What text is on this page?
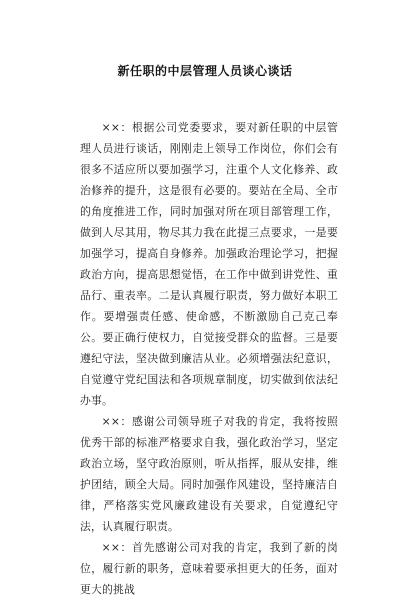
新任职的中层管理人员谈心谈话

××：根据公司党委要求，要对新任职的中层管理人员进行谈话，刚刚走上领导工作岗位，你们会有很多不适应所以要加强学习，注重个人文化修养、政治修养的提升，这是很有必要的。要站在全局、全市的角度推进工作，同时加强对所在项目部管理工作，做到人尽其用，物尽其力我在此提三点要求，一是要加强学习，提高自身修养。加强政治理论学习，把握政治方向，提高思想觉悟，在工作中做到讲党性、重品行、重表率。二是认真履行职责，努力做好本职工作。要增强责任感、使命感，不断激励自己克己奉公。要正确行使权力，自觉接受群众的监督。三是要遵纪守法，坚决做到廉洁从业。必须增强法纪意识，自觉遵守党纪国法和各项规章制度，切实做到依法纪办事。

××：感谢公司领导班子对我的肯定，我将按照优秀干部的标准严格要求自我，强化政治学习，坚定政治立场，坚守政治原则，听从指挥，服从安排，维护团结，顾全大局。同时加强作风建设，坚持廉洁自律，严格落实党风廉政建设有关要求，自觉遵纪守法，认真履行职责。

××：首先感谢公司对我的肯定，我到了新的岗位，履行新的职务，意味着要承担更大的任务，面对更大的挑战
